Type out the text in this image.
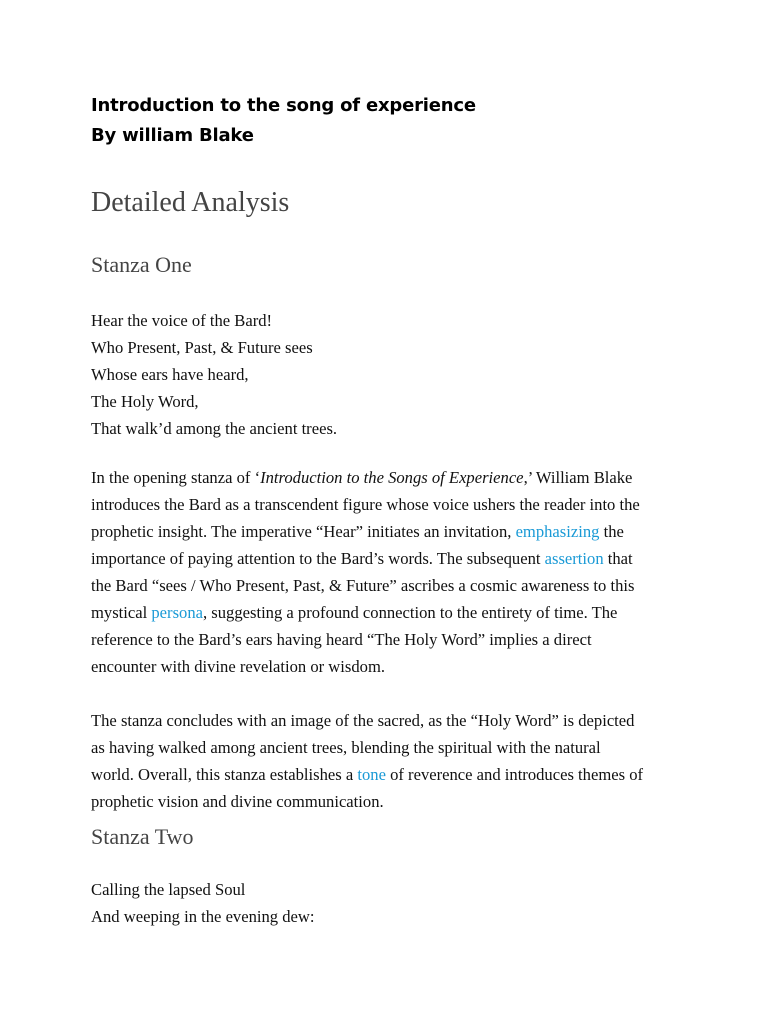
Introduction to the song of experience
By william Blake
Detailed Analysis
Stanza One
Hear the voice of the Bard!
Who Present, Past, & Future sees
Whose ears have heard,
The Holy Word,
That walk’d among the ancient trees.
In the opening stanza of ‘Introduction to the Songs of Experience,’ William Blake
introduces the Bard as a transcendent figure whose voice ushers the reader into the
prophetic insight. The imperative “Hear” initiates an invitation, emphasizing the
importance of paying attention to the Bard’s words. The subsequent assertion that
the Bard “sees / Who Present, Past, & Future” ascribes a cosmic awareness to this
mystical persona, suggesting a profound connection to the entirety of time. The
reference to the Bard’s ears having heard “The Holy Word” implies a direct
encounter with divine revelation or wisdom.
The stanza concludes with an image of the sacred, as the “Holy Word” is depicted
as having walked among ancient trees, blending the spiritual with the natural
world. Overall, this stanza establishes a tone of reverence and introduces themes of
prophetic vision and divine communication.
Stanza Two
Calling the lapsed Soul
And weeping in the evening dew:
